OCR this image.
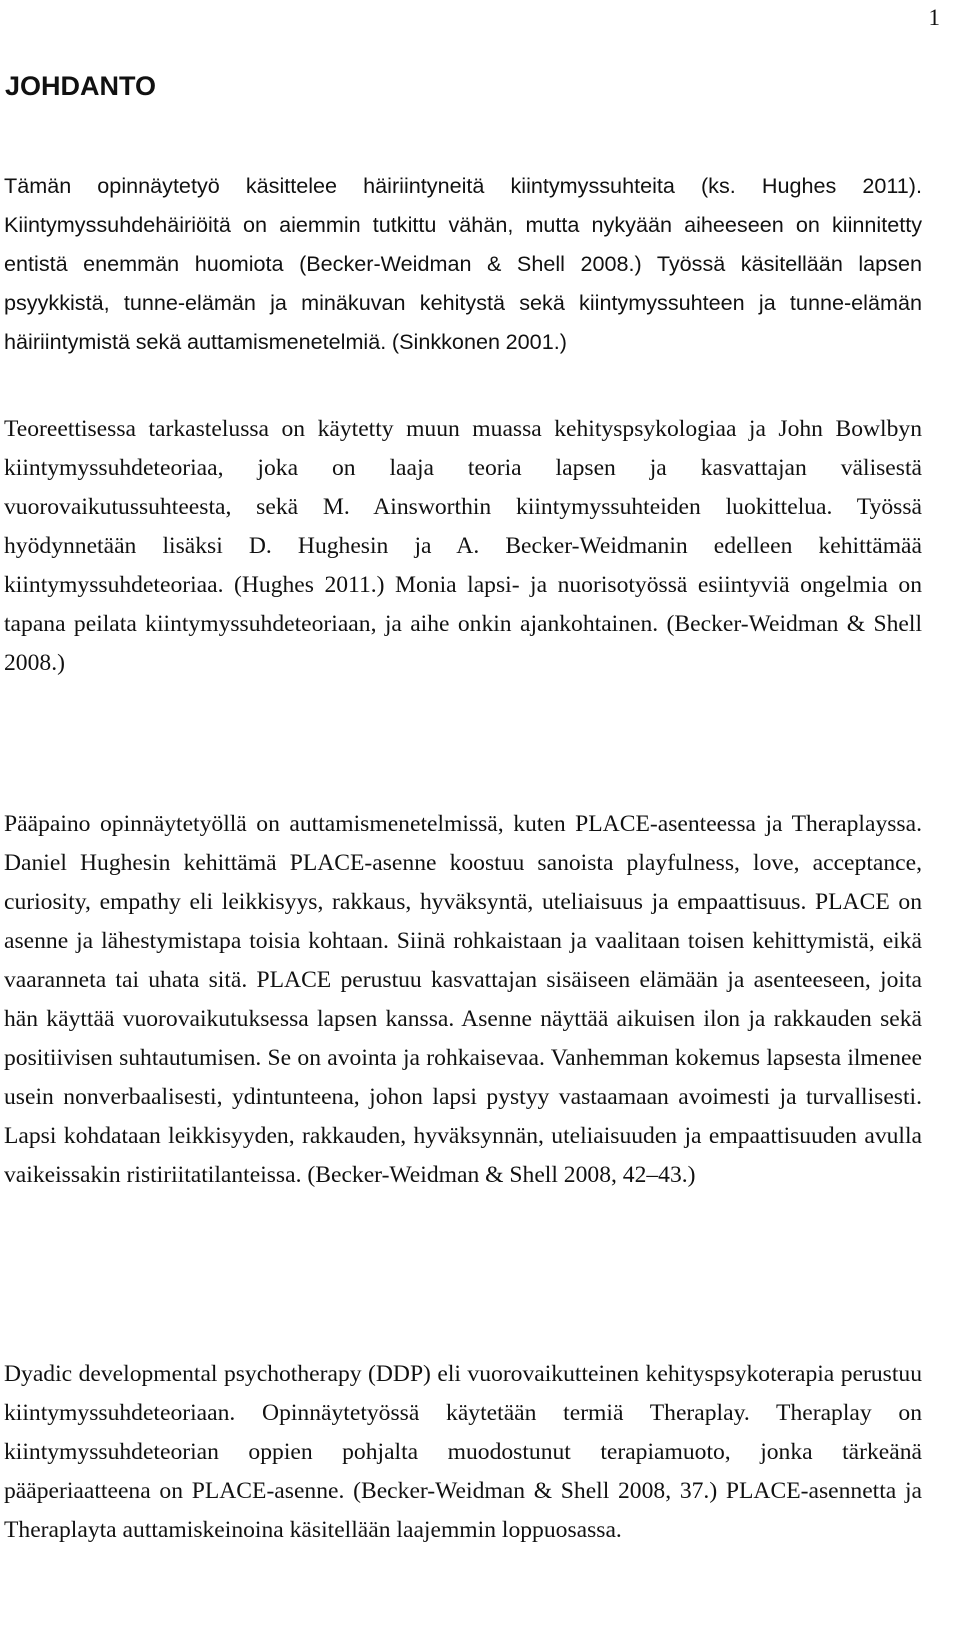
1
JOHDANTO

Tämän opinnäytetyö käsittelee häiriintyneitä kiintymyssuhteita (ks. Hughes 2011). Kiintymyssuhdehäiriöitä on aiemmin tutkittu vähän, mutta nykyään aiheeseen on kiinnitetty entistä enemmän huomiota (Becker-Weidman & Shell 2008.) Työssä käsitellään lapsen psyykkistä, tunne-elämän ja minäkuvan kehitystä sekä kiintymyssuhteen ja tunne-elämän häiriintymistä sekä auttamismenetelmiä. (Sinkkonen 2001.)

Teoreettisessa tarkastelussa on käytetty muun muassa kehityspsykologiaa ja John Bowlbyn kiintymyssuhdeteoriaa, joka on laaja teoria lapsen ja kasvattajan välisestä vuorovaikutussuhteesta, sekä M. Ainsworthin kiintymyssuhteiden luokittelua. Työssä hyödynnetään lisäksi D. Hughesin ja A. Becker-Weidmanin edelleen kehittämää kiintymyssuhdeteoriaa. (Hughes 2011.) Monia lapsi- ja nuorisotyössä esiintyviä ongelmia on tapana peilata kiintymyssuhdeteoriaan, ja aihe onkin ajankohtainen. (Becker-Weidman & Shell 2008.)

Pääpaino opinnäytetyöllä on auttamismenetelmissä, kuten PLACE-asenteessa ja Theraplayssa. Daniel Hughesin kehittämä PLACE-asenne koostuu sanoista playfulness, love, acceptance, curiosity, empathy eli leikkisyys, rakkaus, hyväksyntä, uteliaisuus ja empaattisuus. PLACE on asenne ja lähestymistapa toisia kohtaan. Siinä rohkaistaan ja vaalitaan toisen kehittymistä, eikä vaaranneta tai uhata sitä. PLACE perustuu kasvattajan sisäiseen elämään ja asenteeseen, joita hän käyttää vuorovaikutuksessa lapsen kanssa. Asenne näyttää aikuisen ilon ja rakkauden sekä positiivisen suhtautumisen. Se on avointa ja rohkaisevaa. Vanhemman kokemus lapsesta ilmenee usein nonverbaalisesti, ydintunteena, johon lapsi pystyy vastaamaan avoimesti ja turvallisesti. Lapsi kohdataan leikkisyyden, rakkauden, hyväksynnän, uteliaisuuden ja empaattisuuden avulla vaikeissakin ristiriitatilanteissa. (Becker-Weidman & Shell 2008, 42–43.)

Dyadic developmental psychotherapy (DDP) eli vuorovaikutteinen kehityspsykoterapia perustuu kiintymyssuhdeteoriaan. Opinnäytetyössä käytetään termiä Theraplay. Theraplay on kiintymyssuhdeteorian oppien pohjalta muodostunut terapiamuoto, jonka tärkeänä pääperiaatteena on PLACE-asenne. (Becker-Weidman & Shell 2008, 37.) PLACE-asennetta ja Theraplayta auttamiskeinoina käsitellään laajemmin loppuosassa.
